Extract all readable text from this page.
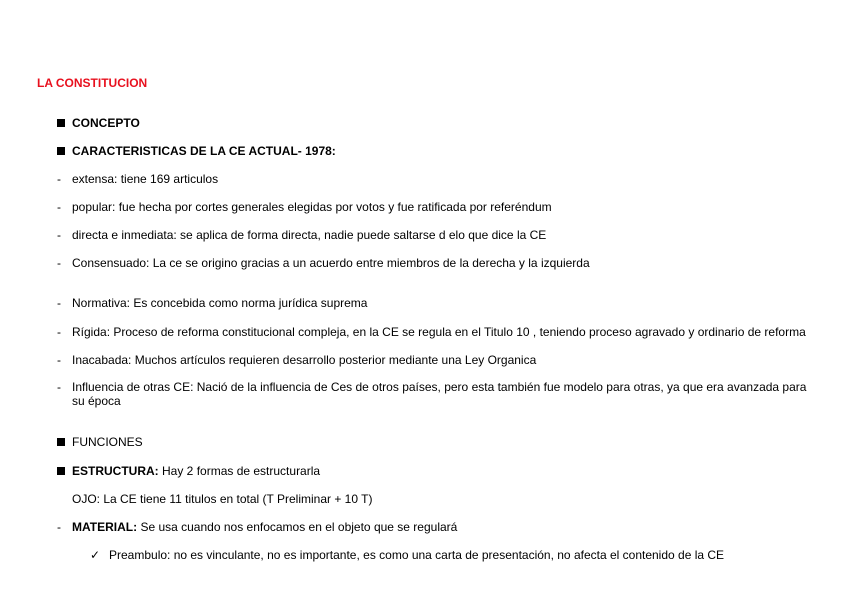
LA CONSTITUCION
CONCEPTO
CARACTERISTICAS DE LA CE ACTUAL- 1978:
- extensa: tiene 169 articulos
- popular: fue hecha por cortes generales elegidas por votos y fue ratificada por referéndum
- directa e inmediata: se aplica de forma directa, nadie puede saltarse d elo que dice la CE
- Consensuado: La ce se origino gracias a un acuerdo entre miembros de la derecha y la izquierda
- Normativa: Es concebida como norma jurídica suprema
- Rígida: Proceso de reforma constitucional compleja, en la CE se regula en el Titulo 10 , teniendo proceso agravado y ordinario de reforma
- Inacabada: Muchos artículos requieren desarrollo posterior mediante una Ley Organica
- Influencia de otras CE: Nació de la influencia de Ces de otros países, pero esta también fue modelo para otras, ya que era avanzada para su época
FUNCIONES
ESTRUCTURA: Hay 2 formas de estructurarla
OJO: La CE tiene 11 titulos en total (T Preliminar + 10 T)
- MATERIAL: Se usa cuando nos enfocamos en el objeto que se regulará
✓ Preambulo: no es vinculante, no es importante, es como una carta de presentación, no afecta el contenido de la CE
